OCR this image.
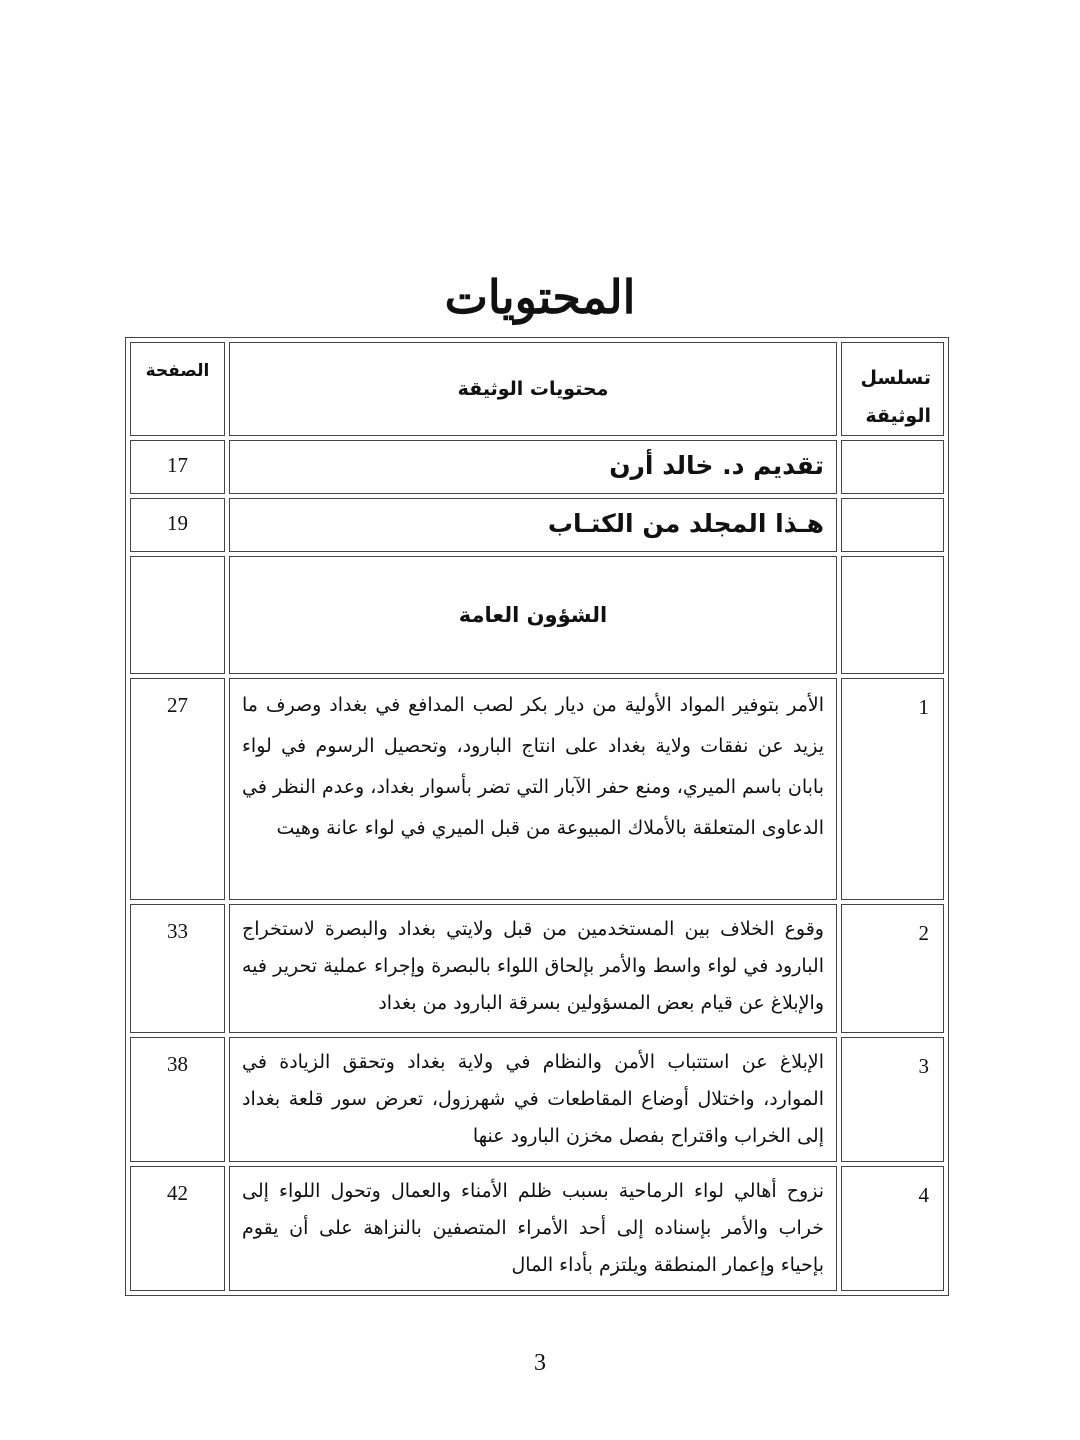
المحتويات
تسلسل الوثيقة	محتويات الوثيقة	الصفحة
	تقديم د. خالد أرن	17
	هـذا المجلد من الكتـاب	19
	الشؤون العامة	
1	الأمر بتوفير المواد الأولية من ديار بكر لصب المدافع في بغداد وصرف ما يزيد عن نفقات ولاية بغداد على انتاج البارود، وتحصيل الرسوم في لواء بابان باسم الميري، ومنع حفر الآبار التي تضر بأسوار بغداد، وعدم النظر في الدعاوى المتعلقة بالأملاك المبيوعة من قبل الميري في لواء عانة وهيت	27
2	وقوع الخلاف بين المستخدمين من قبل ولايتي بغداد والبصرة لاستخراج البارود في لواء واسط والأمر بإلحاق اللواء بالبصرة وإجراء عملية تحرير فيه والإبلاغ عن قيام بعض المسؤولين بسرقة البارود من بغداد	33
3	الإبلاغ عن استتباب الأمن والنظام في ولاية بغداد وتحقق الزيادة في الموارد، واختلال أوضاع المقاطعات في شهرزول، تعرض سور قلعة بغداد إلى الخراب واقتراح بفصل مخزن البارود عنها	38
4	نزوح أهالي لواء الرماحية بسبب ظلم الأمناء والعمال وتحول اللواء إلى خراب والأمر بإسناده إلى أحد الأمراء المتصفين بالنزاهة على أن يقوم بإحياء وإعمار المنطقة ويلتزم بأداء المال	42
3
